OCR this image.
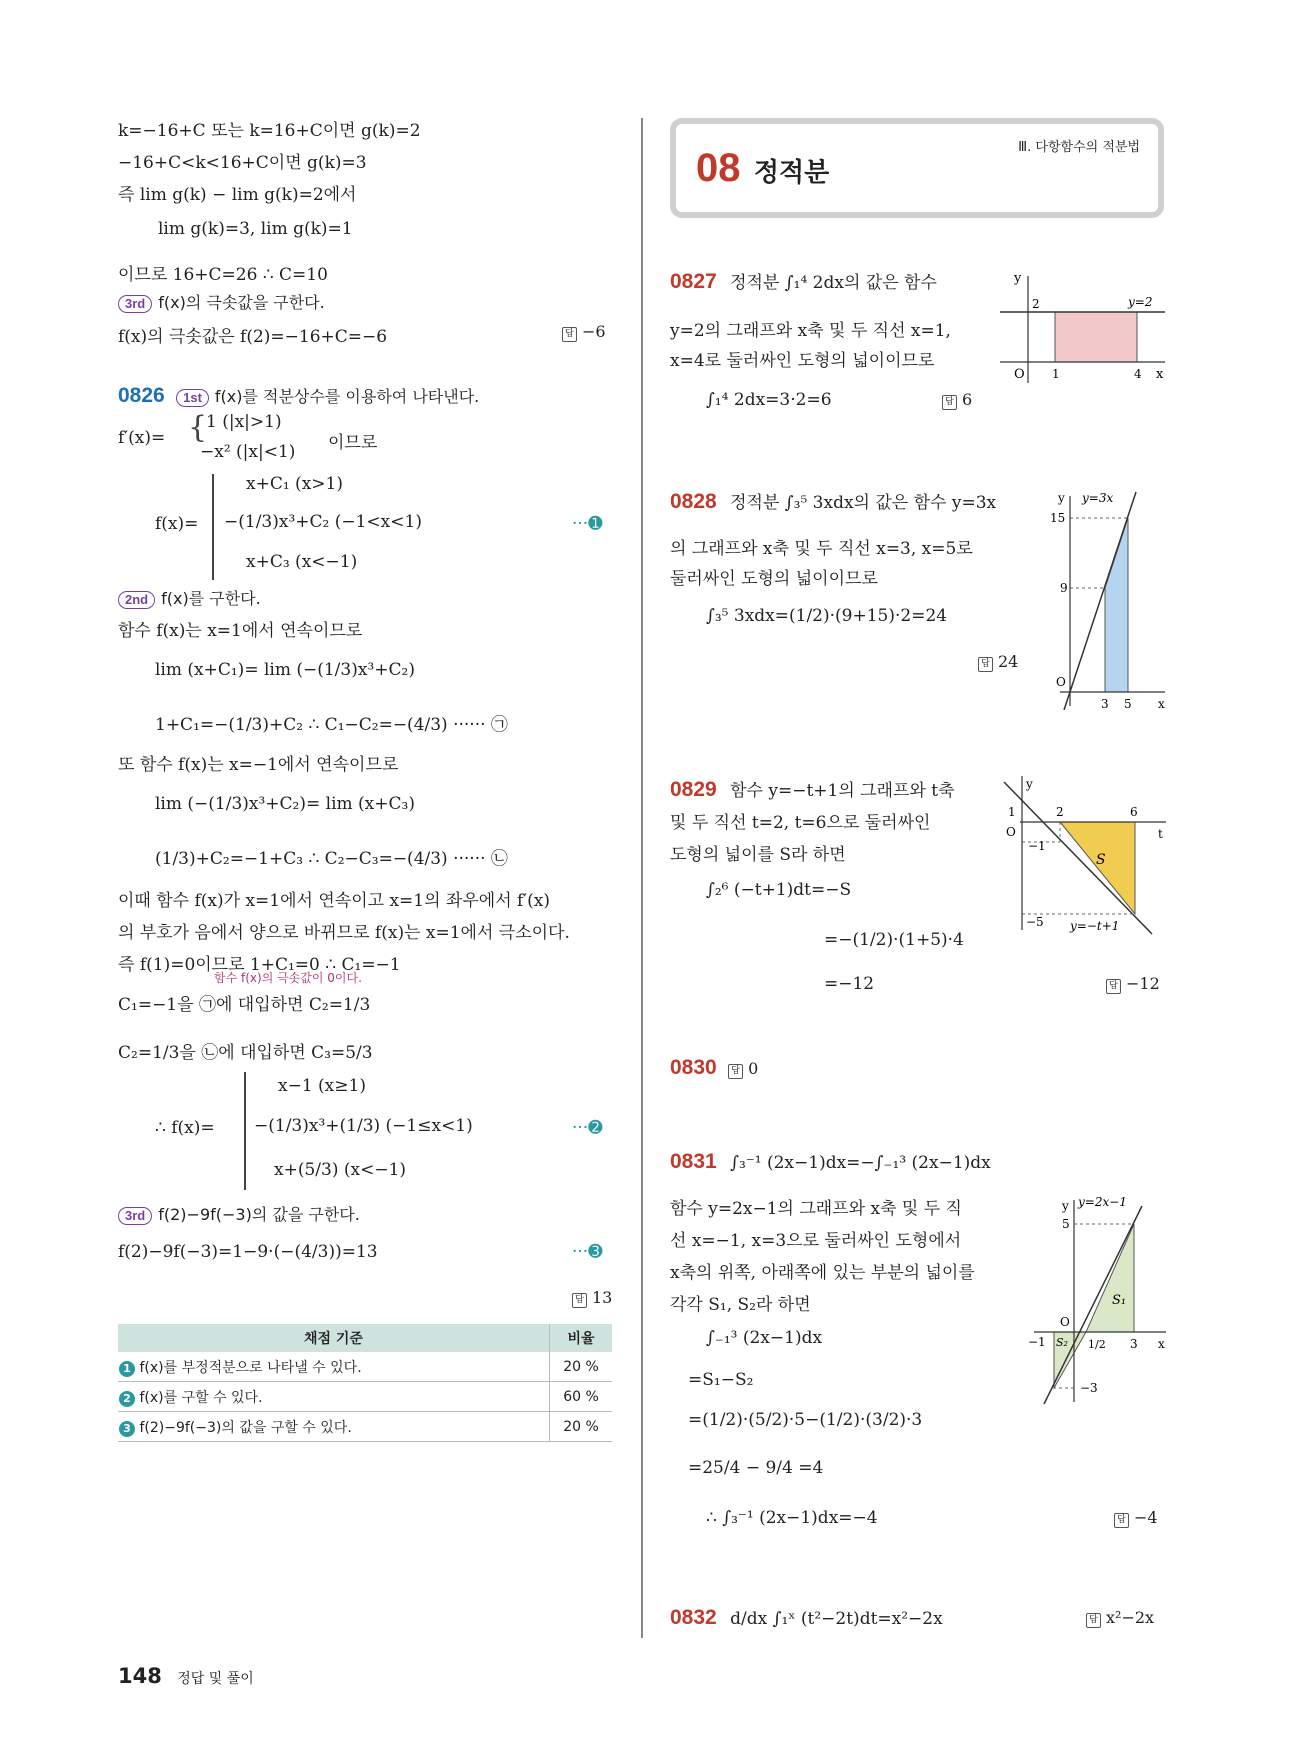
k=−16+C 또는 k=16+C이면 g(k)=2
−16+C<k<16+C이면 g(k)=3
즉 lim g(k) − lim g(k)=2에서
lim g(k)=3, lim g(k)=1
이므로 16+C=26 ∴ C=10
3rd f(x)의 극솟값을 구한다.
f(x)의 극솟값은 f(2)=−16+C=−6	답 −6
0826 1st f(x)를 적분상수를 이용하여 나타낸다.
f′(x)= {
1 (|x|>1)
−x² (|x|<1) 이므로
f(x)=
x+C₁ (x>1)
−(1/3)x³+C₂ (−1<x<1)
x+C₃ (x<−1)
···➊
2nd f(x)를 구한다.
함수 f(x)는 x=1에서 연속이므로
lim (x+C₁)= lim (−(1/3)x³+C₂)
1+C₁=−(1/3)+C₂ ∴ C₁−C₂=−(4/3) ······ ㉠
또 함수 f(x)는 x=−1에서 연속이므로
lim (−(1/3)x³+C₂)= lim (x+C₃)
(1/3)+C₂=−1+C₃ ∴ C₂−C₃=−(4/3) ······ ㉡
이때 함수 f(x)가 x=1에서 연속이고 x=1의 좌우에서 f′(x)
의 부호가 음에서 양으로 바뀌므로 f(x)는 x=1에서 극소이다.
즉 f(1)=0이므로 1+C₁=0 ∴ C₁=−1
함수 f(x)의 극솟값이 0이다.
C₁=−1을 ㉠에 대입하면 C₂=1/3
C₂=1/3을 ㉡에 대입하면 C₃=5/3
∴ f(x)=
x−1 (x≥1)
−(1/3)x³+(1/3) (−1≤x<1)
x+(5/3) (x<−1)
···➋
3rd f(2)−9f(−3)의 값을 구한다.
f(2)−9f(−3)=1−9·(−(4/3))=13	···➌
답 13
채점 기준	비율
1 f(x)를 부정적분으로 나타낼 수 있다.	20 %
2 f(x)를 구할 수 있다.	60 %
3 f(2)−9f(−3)의 값을 구할 수 있다.	20 %
Ⅲ. 다항함수의 적분법
08 정적분
0827 정적분 ∫₁⁴ 2dx의 값은 함수
y=2의 그래프와 x축 및 두 직선 x=1,
x=4로 둘러싸인 도형의 넓이이므로
∫₁⁴ 2dx=3·2=6	답 6
y
x
O
2
1	4
y=2
0828 정적분 ∫₃⁵ 3xdx의 값은 함수 y=3x
의 그래프와 x축 및 두 직선 x=3, x=5로
둘러싸인 도형의 넓이이므로
∫₃⁵ 3xdx=(1/2)·(9+15)·2=24
답 24
y
x
O
y=3x
15
9
3 5
0829 함수 y=−t+1의 그래프와 t축
및 두 직선 t=2, t=6으로 둘러싸인
도형의 넓이를 S라 하면
∫₂⁶ (−t+1)dt=−S
=−(1/2)·(1+5)·4
=−12	답 −12
y
t
O
S
1	2	6
−1
−5 y=−t+1
0830 답 0
0831 ∫₃⁻¹ (2x−1)dx=−∫₋₁³ (2x−1)dx
함수 y=2x−1의 그래프와 x축 및 두 직
선 x=−1, x=3으로 둘러싸인 도형에서
x축의 위쪽, 아래쪽에 있는 부분의 넓이를
각각 S₁, S₂라 하면
∫₋₁³ (2x−1)dx
=S₁−S₂
=(1/2)·(5/2)·5−(1/2)·(3/2)·3
=25/4 − 9/4 =4
∴ ∫₃⁻¹ (2x−1)dx=−4	답 −4
y
x
O
y=2x−1
S₁
S₂
5
−1	1/2 3
−3
0832 d/dx ∫₁ˣ (t²−2t)dt=x²−2x	답 x²−2x
148 정답 및 풀이
